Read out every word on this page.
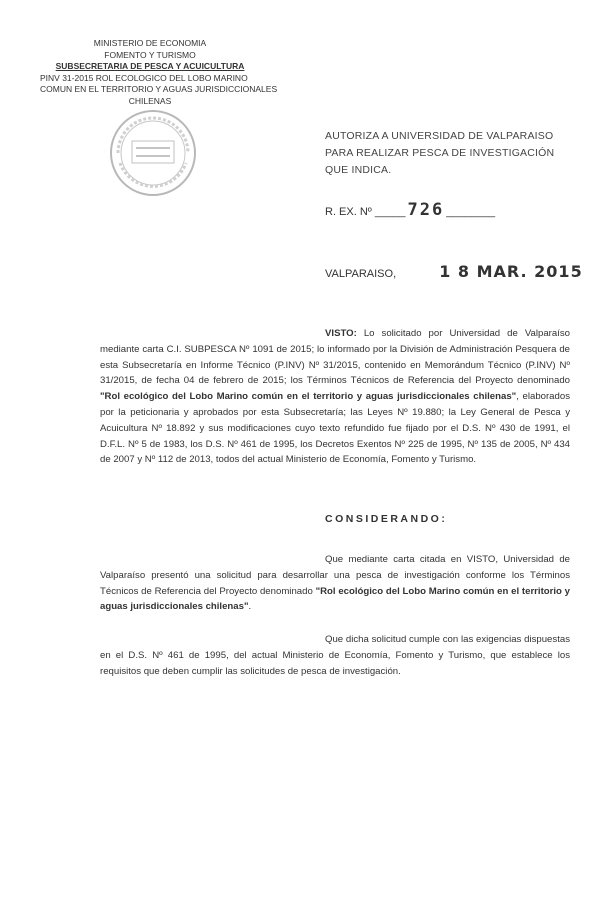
MINISTERIO DE ECONOMIA
FOMENTO Y TURISMO
SUBSECRETARIA DE PESCA Y ACUICULTURA
PINV 31-2015 ROL ECOLOGICO DEL LOBO MARINO
COMUN EN EL TERRITORIO Y AGUAS JURISDICCIONALES
CHILENAS
AUTORIZA A UNIVERSIDAD DE VALPARAISO PARA REALIZAR PESCA DE INVESTIGACIÓN QUE INDICA.
R. EX. Nº _____ 726 ________
VALPARAISO,	1 8 MAR. 2015
VISTO: Lo solicitado por Universidad de Valparaíso mediante carta C.I. SUBPESCA Nº 1091 de 2015; lo informado por la División de Administración Pesquera de esta Subsecretaría en Informe Técnico (P.INV) Nº 31/2015, contenido en Memorándum Técnico (P.INV) Nº 31/2015, de fecha 04 de febrero de 2015; los Términos Técnicos de Referencia del Proyecto denominado "Rol ecológico del Lobo Marino común en el territorio y aguas jurisdiccionales chilenas", elaborados por la peticionaria y aprobados por esta Subsecretaría; las Leyes Nº 19.880; la Ley General de Pesca y Acuicultura Nº 18.892 y sus modificaciones cuyo texto refundido fue fijado por el D.S. Nº 430 de 1991, el D.F.L. Nº 5 de 1983, los D.S. Nº 461 de 1995, los Decretos Exentos Nº 225 de 1995, Nº 135 de 2005, Nº 434 de 2007 y Nº 112 de 2013, todos del actual Ministerio de Economía, Fomento y Turismo.
CONSIDERANDO:
Que mediante carta citada en VISTO, Universidad de Valparaíso presentó una solicitud para desarrollar una pesca de investigación conforme los Términos Técnicos de Referencia del Proyecto denominado "Rol ecológico del Lobo Marino común en el territorio y aguas jurisdiccionales chilenas".
Que dicha solicitud cumple con las exigencias dispuestas en el D.S. Nº 461 de 1995, del actual Ministerio de Economía, Fomento y Turismo, que establece los requisitos que deben cumplir las solicitudes de pesca de investigación.
